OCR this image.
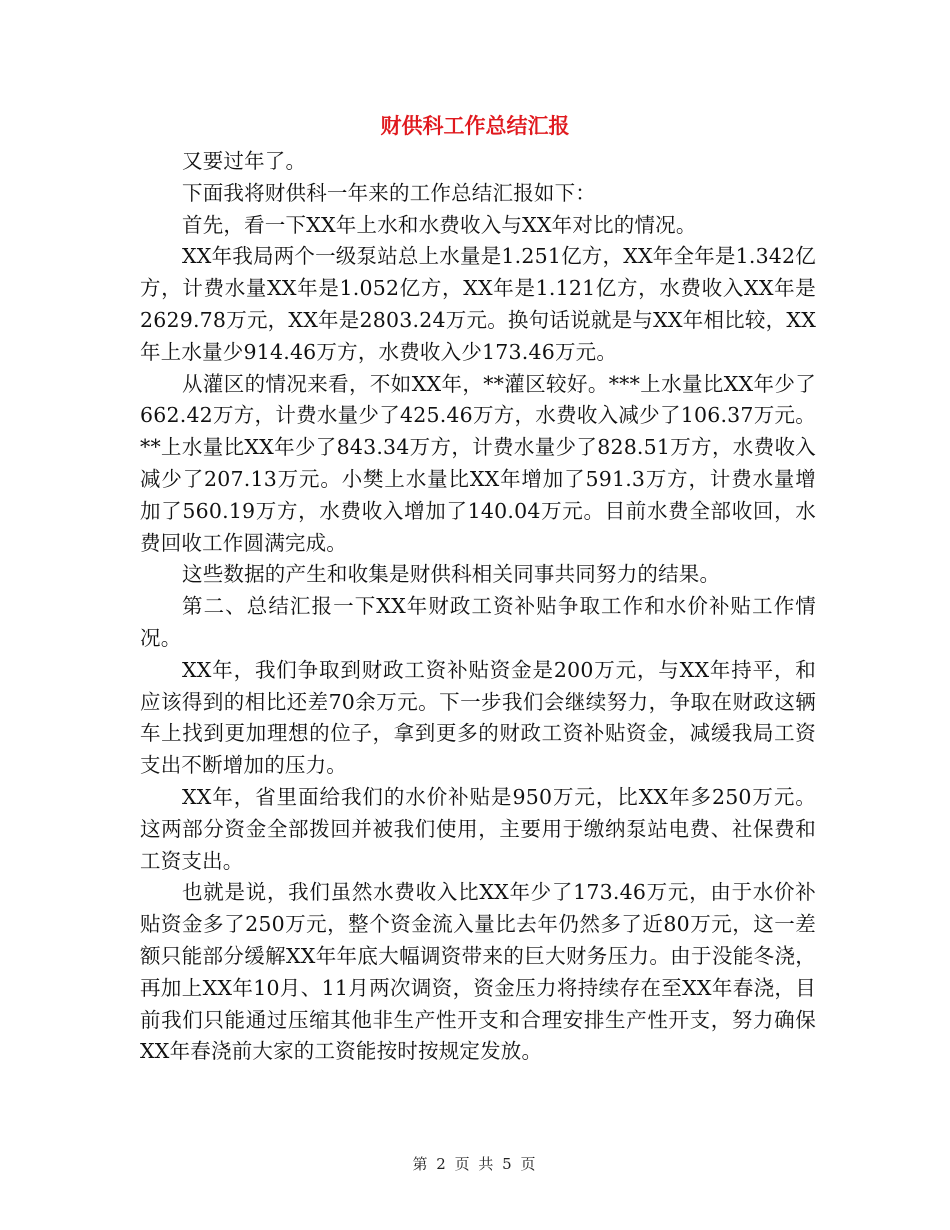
财供科工作总结汇报

又要过年了。

下面我将财供科一年来的工作总结汇报如下：

首先，看一下XX年上水和水费收入与XX年对比的情况。

XX年我局两个一级泵站总上水量是1.251亿方，XX年全年是1.342亿方，计费水量XX年是1.052亿方，XX年是1.121亿方，水费收入XX年是2629.78万元，XX年是2803.24万元。换句话说就是与XX年相比较，XX年上水量少914.46万方，水费收入少173.46万元。

从灌区的情况来看，不如XX年，**灌区较好。***上水量比XX年少了662.42万方，计费水量少了425.46万方，水费收入减少了106.37万元。**上水量比XX年少了843.34万方，计费水量少了828.51万方，水费收入减少了207.13万元。小樊上水量比XX年增加了591.3万方，计费水量增加了560.19万方，水费收入增加了140.04万元。目前水费全部收回，水费回收工作圆满完成。

这些数据的产生和收集是财供科相关同事共同努力的结果。

第二、总结汇报一下XX年财政工资补贴争取工作和水价补贴工作情况。

XX年，我们争取到财政工资补贴资金是200万元，与XX年持平，和应该得到的相比还差70余万元。下一步我们会继续努力，争取在财政这辆车上找到更加理想的位子，拿到更多的财政工资补贴资金，减缓我局工资支出不断增加的压力。

XX年，省里面给我们的水价补贴是950万元，比XX年多250万元。这两部分资金全部拨回并被我们使用，主要用于缴纳泵站电费、社保费和工资支出。

也就是说，我们虽然水费收入比XX年少了173.46万元，由于水价补贴资金多了250万元，整个资金流入量比去年仍然多了近80万元，这一差额只能部分缓解XX年年底大幅调资带来的巨大财务压力。由于没能冬浇，再加上XX年10月、11月两次调资，资金压力将持续存在至XX年春浇，目前我们只能通过压缩其他非生产性开支和合理安排生产性开支，努力确保XX年春浇前大家的工资能按时按规定发放。

第 2 页 共 5 页
